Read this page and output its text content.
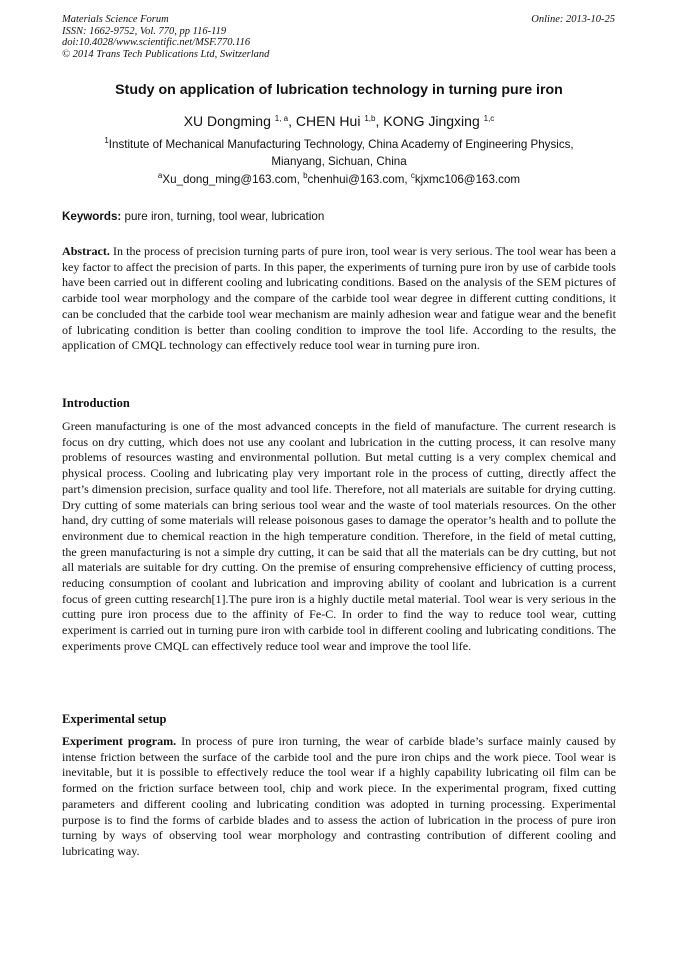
Materials Science Forum
ISSN: 1662-9752, Vol. 770, pp 116-119
doi:10.4028/www.scientific.net/MSF.770.116
© 2014 Trans Tech Publications Ltd, Switzerland
Online: 2013-10-25
Study on application of lubrication technology in turning pure iron
XU Dongming $^{1, a}$, CHEN Hui $^{1,b}$, KONG Jingxing $^{1,c}$
$^1$Institute of Mechanical Manufacturing Technology, China Academy of Engineering Physics,
Mianyang, Sichuan, China
$^a$Xu_dong_ming@163.com, $^b$chenhui@163.com, $^c$kjxmc106@163.com
Keywords: pure iron, turning, tool wear, lubrication
Abstract. In the process of precision turning parts of pure iron, tool wear is very serious. The tool wear has been a key factor to affect the precision of parts. In this paper, the experiments of turning pure iron by use of carbide tools have been carried out in different cooling and lubricating conditions. Based on the analysis of the SEM pictures of carbide tool wear morphology and the compare of the carbide tool wear degree in different cutting conditions, it can be concluded that the carbide tool wear mechanism are mainly adhesion wear and fatigue wear and the benefit of lubricating condition is better than cooling condition to improve the tool life. According to the results, the application of CMQL technology can effectively reduce tool wear in turning pure iron.
Introduction
Green manufacturing is one of the most advanced concepts in the field of manufacture. The current research is focus on dry cutting, which does not use any coolant and lubrication in the cutting process, it can resolve many problems of resources wasting and environmental pollution. But metal cutting is a very complex chemical and physical process. Cooling and lubricating play very important role in the process of cutting, directly affect the part’s dimension precision, surface quality and tool life. Therefore, not all materials are suitable for drying cutting. Dry cutting of some materials can bring serious tool wear and the waste of tool materials resources. On the other hand, dry cutting of some materials will release poisonous gases to damage the operator’s health and to pollute the environment due to chemical reaction in the high temperature condition. Therefore, in the field of metal cutting, the green manufacturing is not a simple dry cutting, it can be said that all the materials can be dry cutting, but not all materials are suitable for dry cutting. On the premise of ensuring comprehensive efficiency of cutting process, reducing consumption of coolant and lubrication and improving ability of coolant and lubrication is a current focus of green cutting research[1].The pure iron is a highly ductile metal material. Tool wear is very serious in the cutting pure iron process due to the affinity of Fe-C. In order to find the way to reduce tool wear, cutting experiment is carried out in turning pure iron with carbide tool in different cooling and lubricating conditions. The experiments prove CMQL can effectively reduce tool wear and improve the tool life.
Experimental setup
Experiment program. In process of pure iron turning, the wear of carbide blade’s surface mainly caused by intense friction between the surface of the carbide tool and the pure iron chips and the work piece. Tool wear is inevitable, but it is possible to effectively reduce the tool wear if a highly capability lubricating oil film can be formed on the friction surface between tool, chip and work piece. In the experimental program, fixed cutting parameters and different cooling and lubricating condition was adopted in turning processing. Experimental purpose is to find the forms of carbide blades and to assess the action of lubrication in the process of pure iron turning by ways of observing tool wear morphology and contrasting contribution of different cooling and lubricating way.
